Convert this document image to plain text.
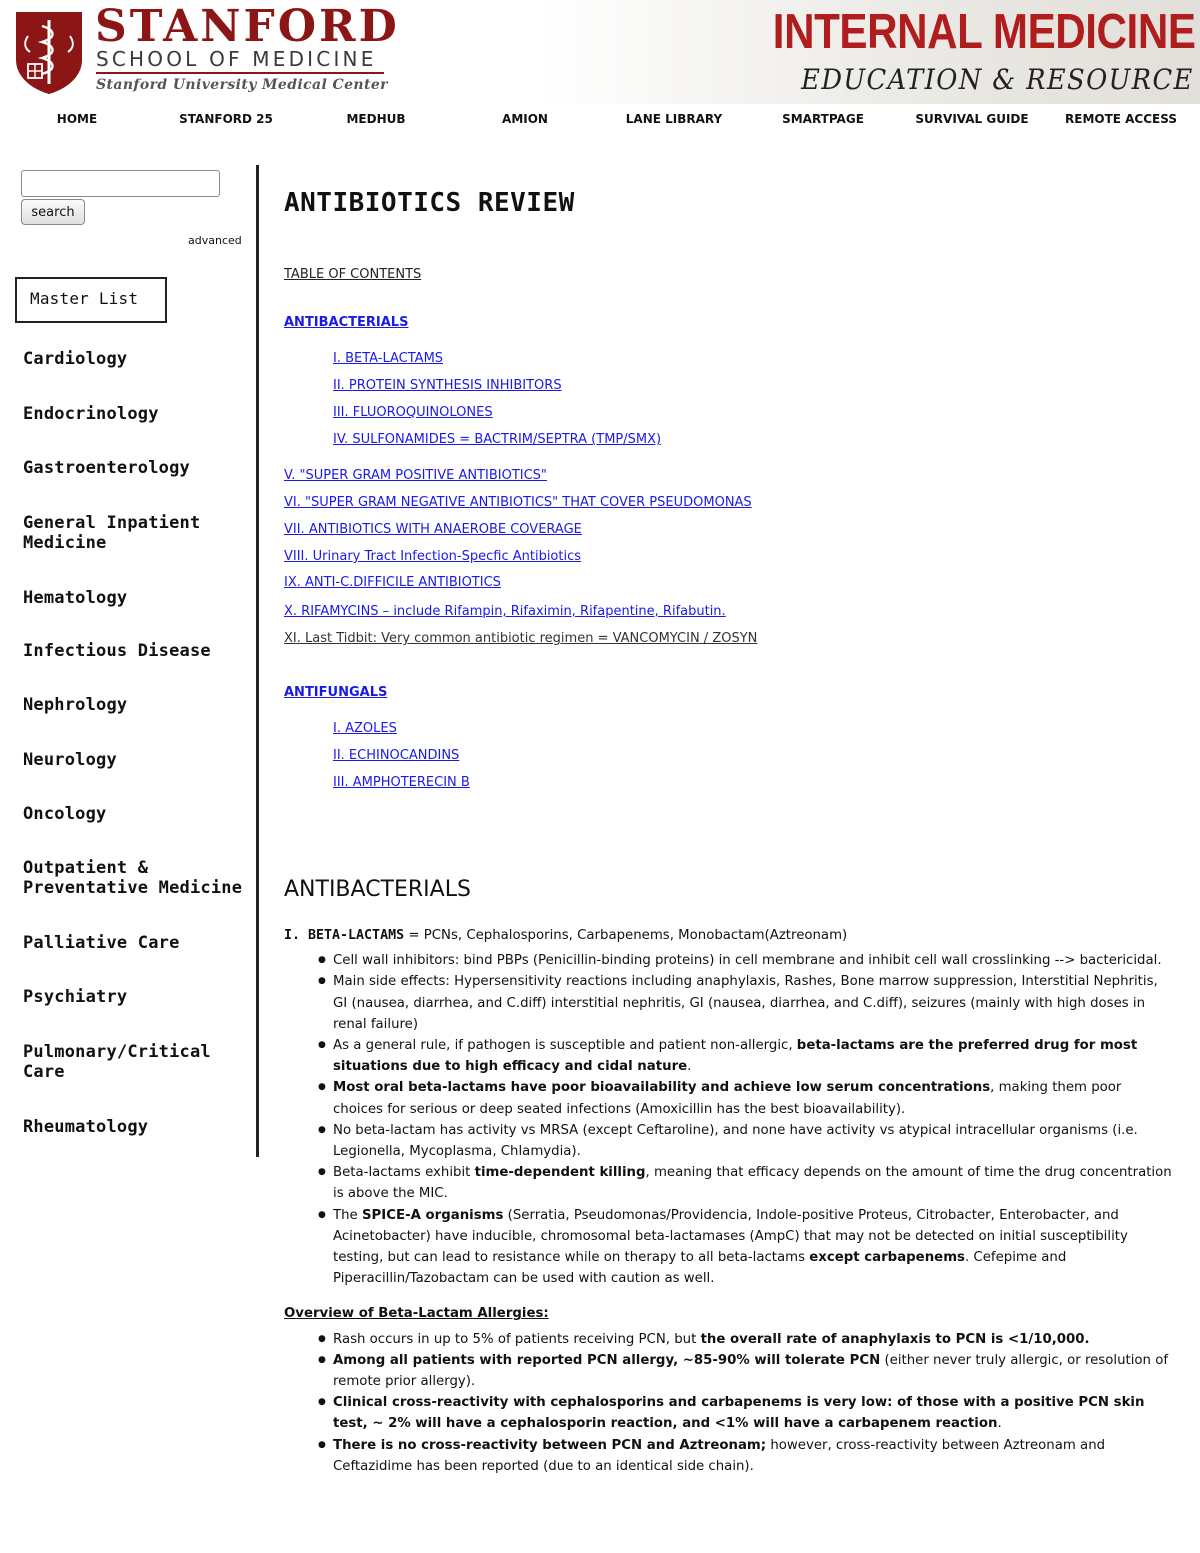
STANFORD
SCHOOL OF MEDICINE
Stanford University Medical Center
INTERNAL MEDICINE
EDUCATION & RESOURCE
HOME	STANFORD 25	MEDHUB	AMION	LANE LIBRARY	SMARTPAGE	SURVIVAL GUIDE	REMOTE ACCESS
search
advanced
Master List
Cardiology
Endocrinology
Gastroenterology
General Inpatient Medicine
Hematology
Infectious Disease
Nephrology
Neurology
Oncology
Outpatient & Preventative Medicine
Palliative Care
Psychiatry
Pulmonary/Critical Care
Rheumatology
ANTIBIOTICS REVIEW
TABLE OF CONTENTS
ANTIBACTERIALS
I. BETA-LACTAMS
II. PROTEIN SYNTHESIS INHIBITORS
III. FLUOROQUINOLONES
IV. SULFONAMIDES = BACTRIM/SEPTRA (TMP/SMX)
V. "SUPER GRAM POSITIVE ANTIBIOTICS"
VI. "SUPER GRAM NEGATIVE ANTIBIOTICS" THAT COVER PSEUDOMONAS
VII. ANTIBIOTICS WITH ANAEROBE COVERAGE
VIII. Urinary Tract Infection-Specfic Antibiotics
IX. ANTI-C.DIFFICILE ANTIBIOTICS
X. RIFAMYCINS – include Rifampin, Rifaximin, Rifapentine, Rifabutin.
XI. Last Tidbit: Very common antibiotic regimen = VANCOMYCIN / ZOSYN
ANTIFUNGALS
I. AZOLES
II. ECHINOCANDINS
III. AMPHOTERECIN B
ANTIBACTERIALS
I. BETA-LACTAMS = PCNs, Cephalosporins, Carbapenems, Monobactam(Aztreonam)
● Cell wall inhibitors: bind PBPs (Penicillin-binding proteins) in cell membrane and inhibit cell wall crosslinking --> bactericidal.
● Main side effects: Hypersensitivity reactions including anaphylaxis, Rashes, Bone marrow suppression, Interstitial Nephritis, GI (nausea, diarrhea, and C.diff) interstitial nephritis, GI (nausea, diarrhea, and C.diff), seizures (mainly with high doses in renal failure)
● As a general rule, if pathogen is susceptible and patient non-allergic, beta-lactams are the preferred drug for most situations due to high efficacy and cidal nature.
● Most oral beta-lactams have poor bioavailability and achieve low serum concentrations, making them poor choices for serious or deep seated infections (Amoxicillin has the best bioavailability).
● No beta-lactam has activity vs MRSA (except Ceftaroline), and none have activity vs atypical intracellular organisms (i.e. Legionella, Mycoplasma, Chlamydia).
● Beta-lactams exhibit time-dependent killing, meaning that efficacy depends on the amount of time the drug concentration is above the MIC.
● The SPICE-A organisms (Serratia, Pseudomonas/Providencia, Indole-positive Proteus, Citrobacter, Enterobacter, and Acinetobacter) have inducible, chromosomal beta-lactamases (AmpC) that may not be detected on initial susceptibility testing, but can lead to resistance while on therapy to all beta-lactams except carbapenems. Cefepime and Piperacillin/Tazobactam can be used with caution as well.
Overview of Beta-Lactam Allergies:
● Rash occurs in up to 5% of patients receiving PCN, but the overall rate of anaphylaxis to PCN is <1/10,000.
● Among all patients with reported PCN allergy, ~85-90% will tolerate PCN (either never truly allergic, or resolution of remote prior allergy).
● Clinical cross-reactivity with cephalosporins and carbapenems is very low: of those with a positive PCN skin test, ~ 2% will have a cephalosporin reaction, and <1% will have a carbapenem reaction.
● There is no cross-reactivity between PCN and Aztreonam; however, cross-reactivity between Aztreonam and Ceftazidime has been reported (due to an identical side chain).
